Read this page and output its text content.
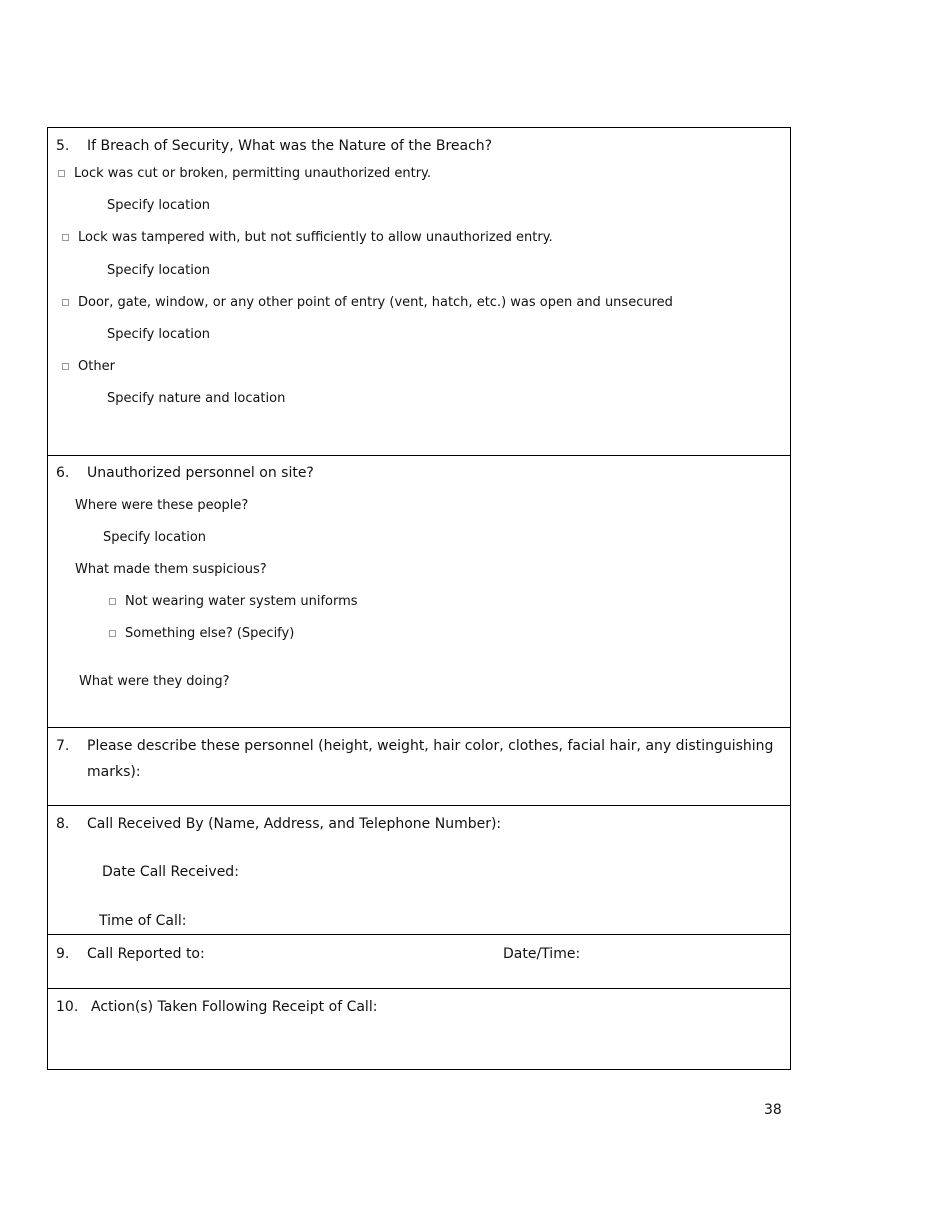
5. If Breach of Security, What was the Nature of the Breach?
Lock was cut or broken, permitting unauthorized entry.
Specify location
Lock was tampered with, but not sufficiently to allow unauthorized entry.
Specify location
Door, gate, window, or any other point of entry (vent, hatch, etc.) was open and unsecured
Specify location
Other
Specify nature and location
6. Unauthorized personnel on site?
Where were these people?
Specify location
What made them suspicious?
Not wearing water system uniforms
Something else? (Specify)
What were they doing?
7. Please describe these personnel (height, weight, hair color, clothes, facial hair, any distinguishing
marks):
8. Call Received By (Name, Address, and Telephone Number):
Date Call Received:
Time of Call:
9. Call Reported to:	Date/Time:
10. Action(s) Taken Following Receipt of Call:
38
